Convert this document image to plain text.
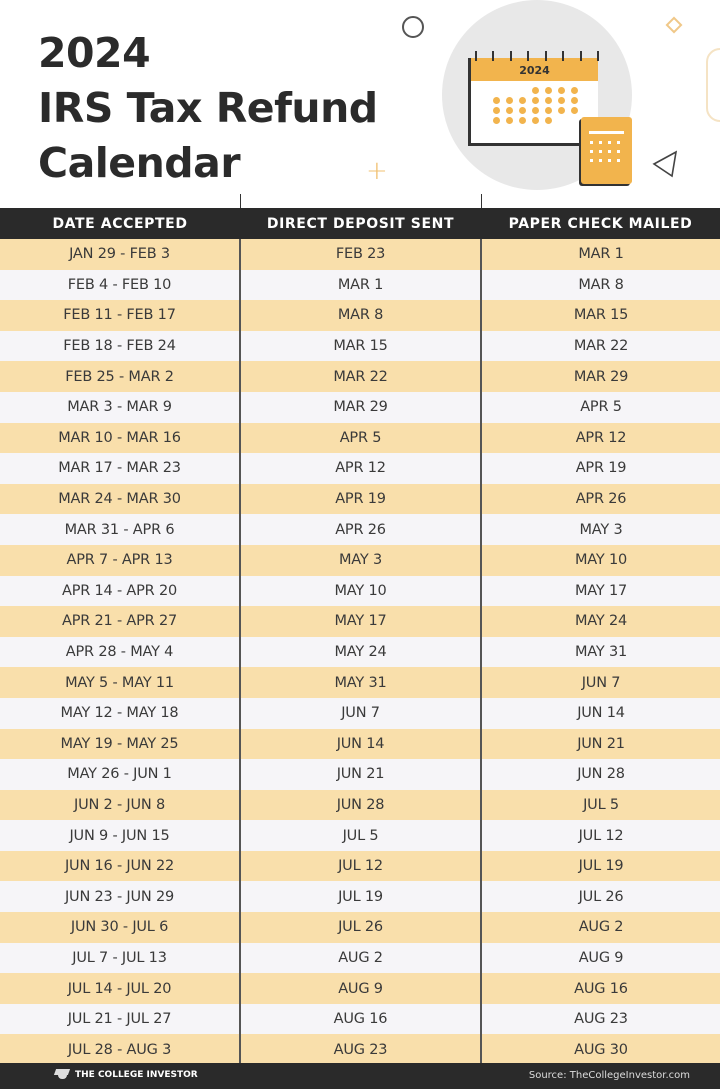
2024
IRS Tax Refund
Calendar	+
2024
DATE ACCEPTED	DIRECT DEPOSIT SENT	PAPER CHECK MAILED
JAN 29 - FEB 3	FEB 23	MAR 1
FEB 4 - FEB 10	MAR 1	MAR 8
FEB 11 - FEB 17	MAR 8	MAR 15
FEB 18 - FEB 24	MAR 15	MAR 22
FEB 25 - MAR 2	MAR 22	MAR 29
MAR 3 - MAR 9	MAR 29	APR 5
MAR 10 - MAR 16	APR 5	APR 12
MAR 17 - MAR 23	APR 12	APR 19
MAR 24 - MAR 30	APR 19	APR 26
MAR 31 - APR 6	APR 26	MAY 3
APR 7 - APR 13	MAY 3	MAY 10
APR 14 - APR 20	MAY 10	MAY 17
APR 21 - APR 27	MAY 17	MAY 24
APR 28 - MAY 4	MAY 24	MAY 31
MAY 5 - MAY 11	MAY 31	JUN 7
MAY 12 - MAY 18	JUN 7	JUN 14
MAY 19 - MAY 25	JUN 14	JUN 21
MAY 26 - JUN 1	JUN 21	JUN 28
JUN 2 - JUN 8	JUN 28	JUL 5
JUN 9 - JUN 15	JUL 5	JUL 12
JUN 16 - JUN 22	JUL 12	JUL 19
JUN 23 - JUN 29	JUL 19	JUL 26
JUN 30 - JUL 6	JUL 26	AUG 2
JUL 7 - JUL 13	AUG 2	AUG 9
JUL 14 - JUL 20	AUG 9	AUG 16
JUL 21 - JUL 27	AUG 16	AUG 23
JUL 28 - AUG 3	AUG 23	AUG 30
THE COLLEGE INVESTOR	Source: TheCollegeInvestor.com
